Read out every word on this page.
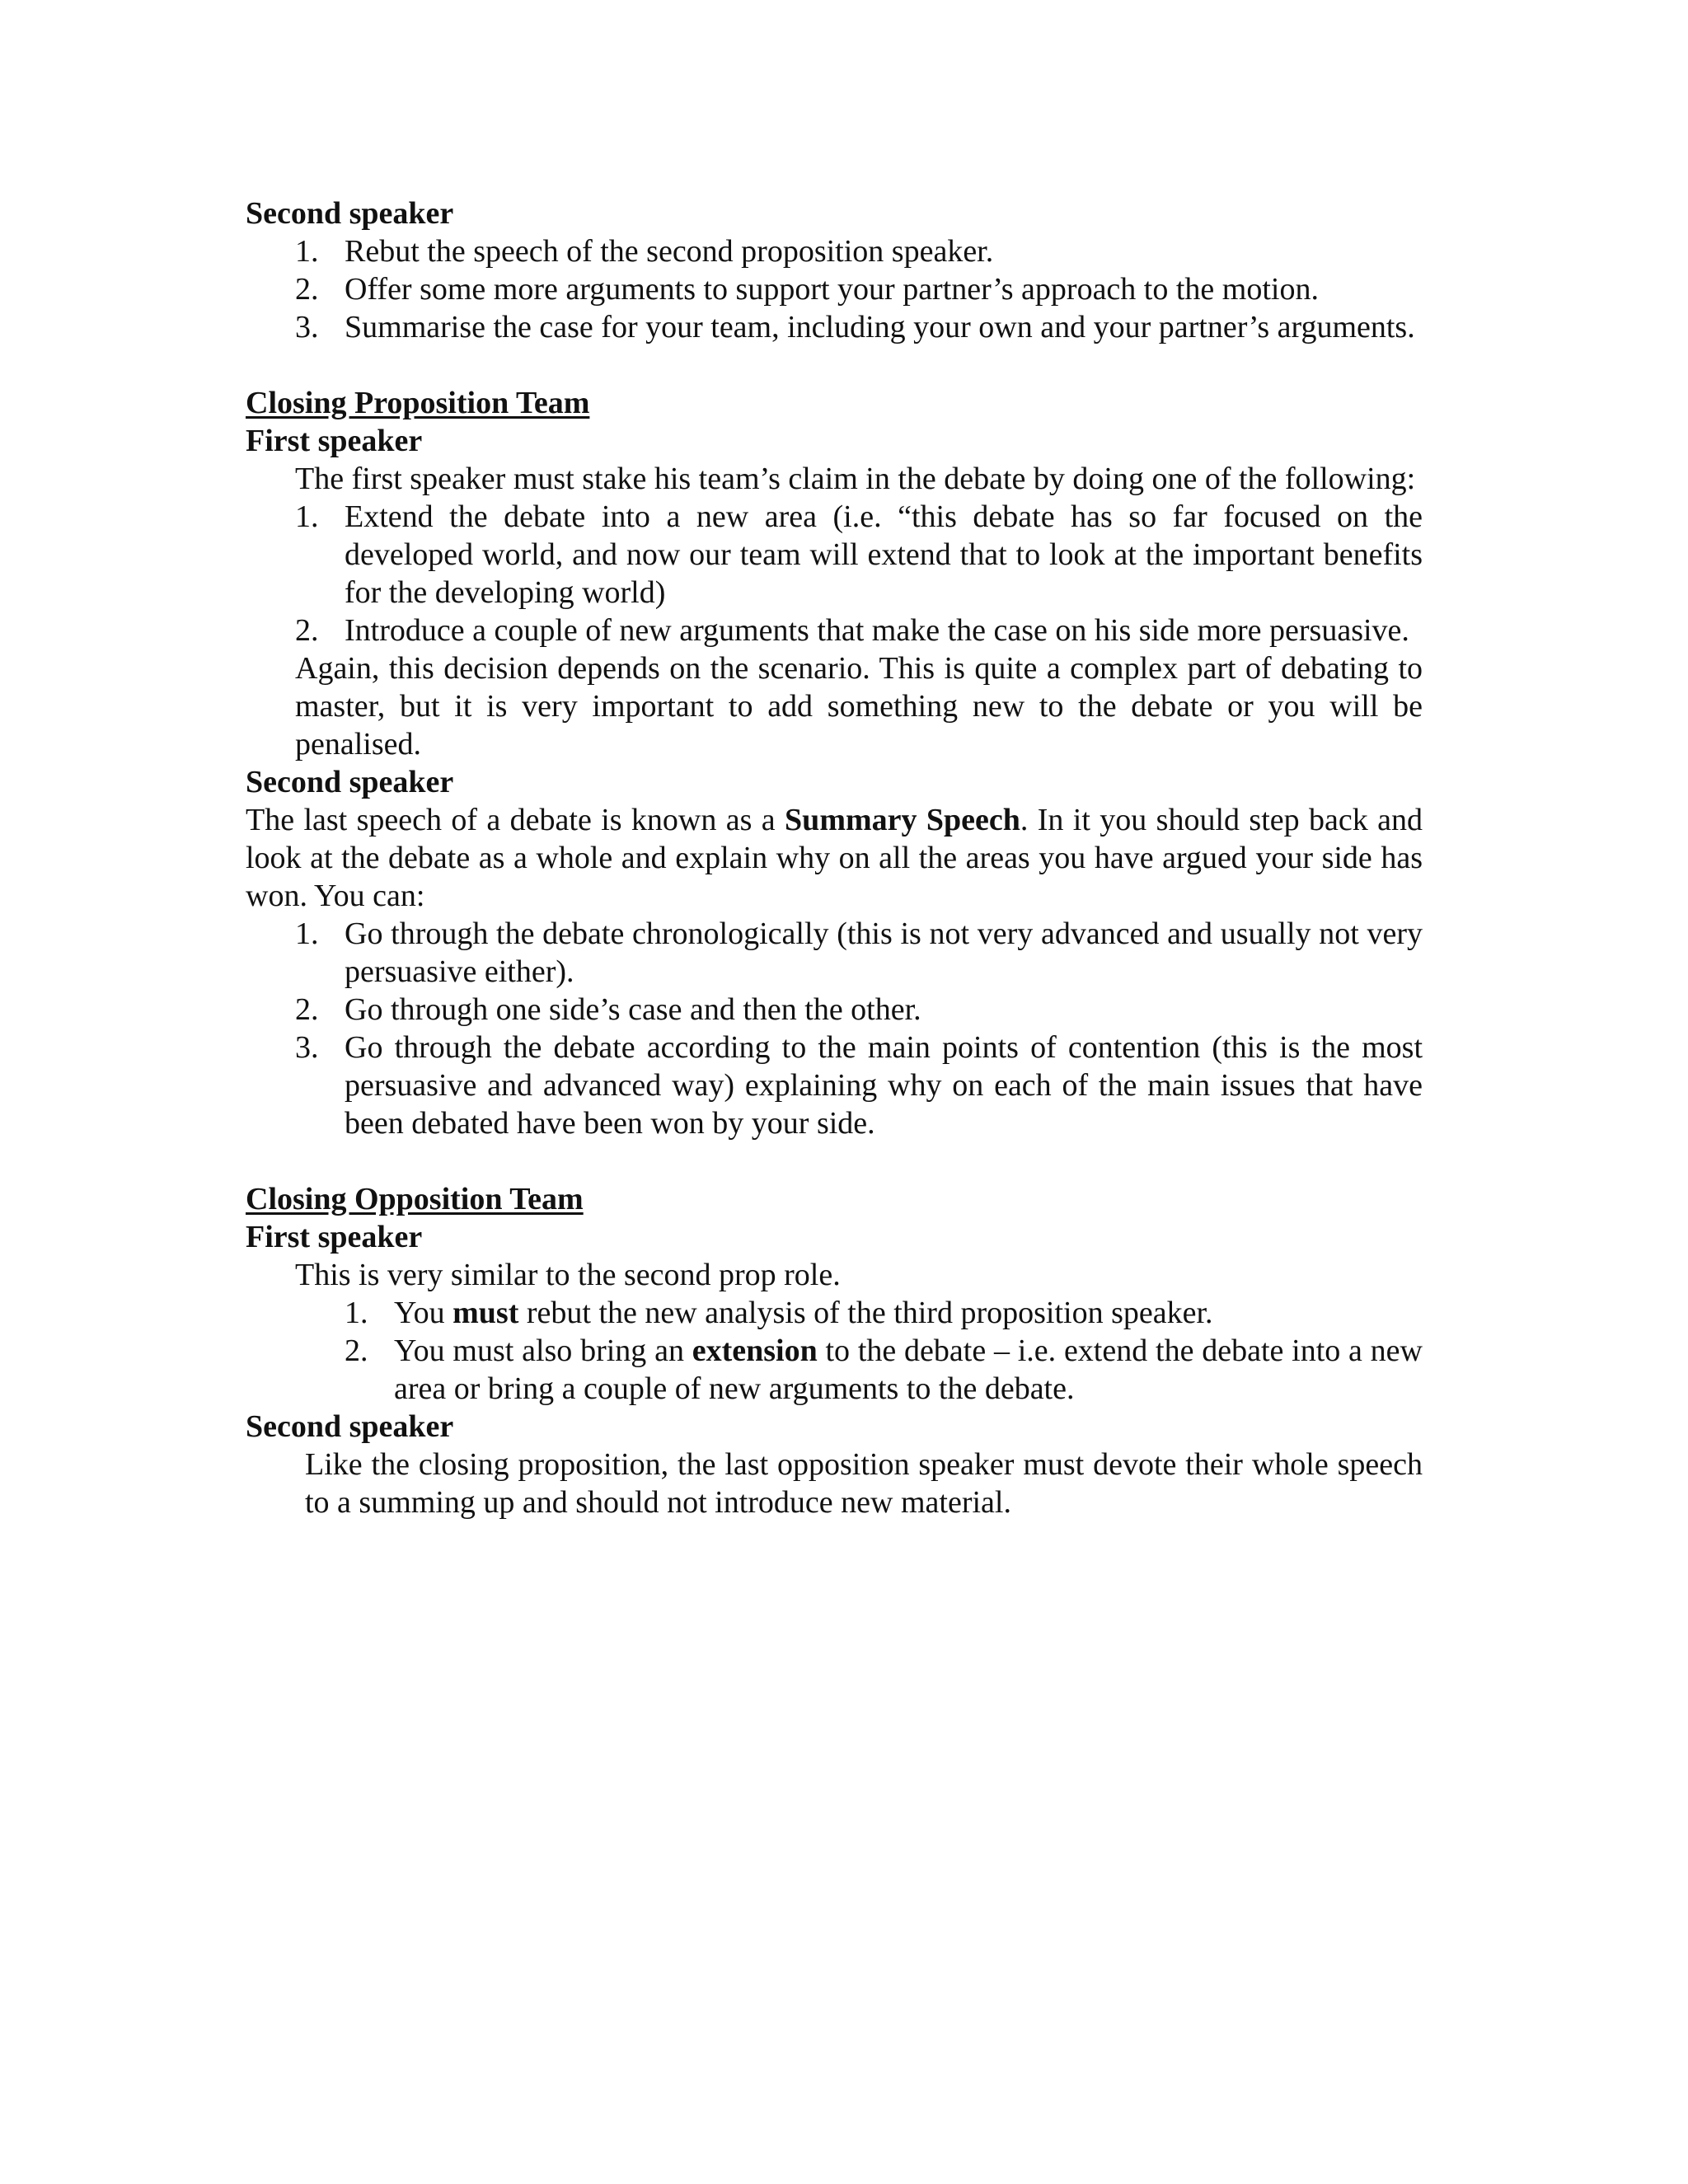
Second speaker

1. Rebut the speech of the second proposition speaker.
2. Offer some more arguments to support your partner’s approach to the motion.
3. Summarise the case for your team, including your own and your partner’s arguments.

Closing Proposition Team

First speaker

The first speaker must stake his team’s claim in the debate by doing one of the following:

1. Extend the debate into a new area (i.e. “this debate has so far focused on the developed world, and now our team will extend that to look at the important benefits for the developing world)
2. Introduce a couple of new arguments that make the case on his side more persuasive.

Again, this decision depends on the scenario. This is quite a complex part of debating to master, but it is very important to add something new to the debate or you will be penalised.

Second speaker

The last speech of a debate is known as a Summary Speech. In it you should step back and look at the debate as a whole and explain why on all the areas you have argued your side has won. You can:

1. Go through the debate chronologically (this is not very advanced and usually not very persuasive either).
2. Go through one side’s case and then the other.
3. Go through the debate according to the main points of contention (this is the most persuasive and advanced way) explaining why on each of the main issues that have been debated have been won by your side.

Closing Opposition Team

First speaker

This is very similar to the second prop role.

1. You must rebut the new analysis of the third proposition speaker.
2. You must also bring an extension to the debate – i.e. extend the debate into a new area or bring a couple of new arguments to the debate.

Second speaker

Like the closing proposition, the last opposition speaker must devote their whole speech to a summing up and should not introduce new material.
